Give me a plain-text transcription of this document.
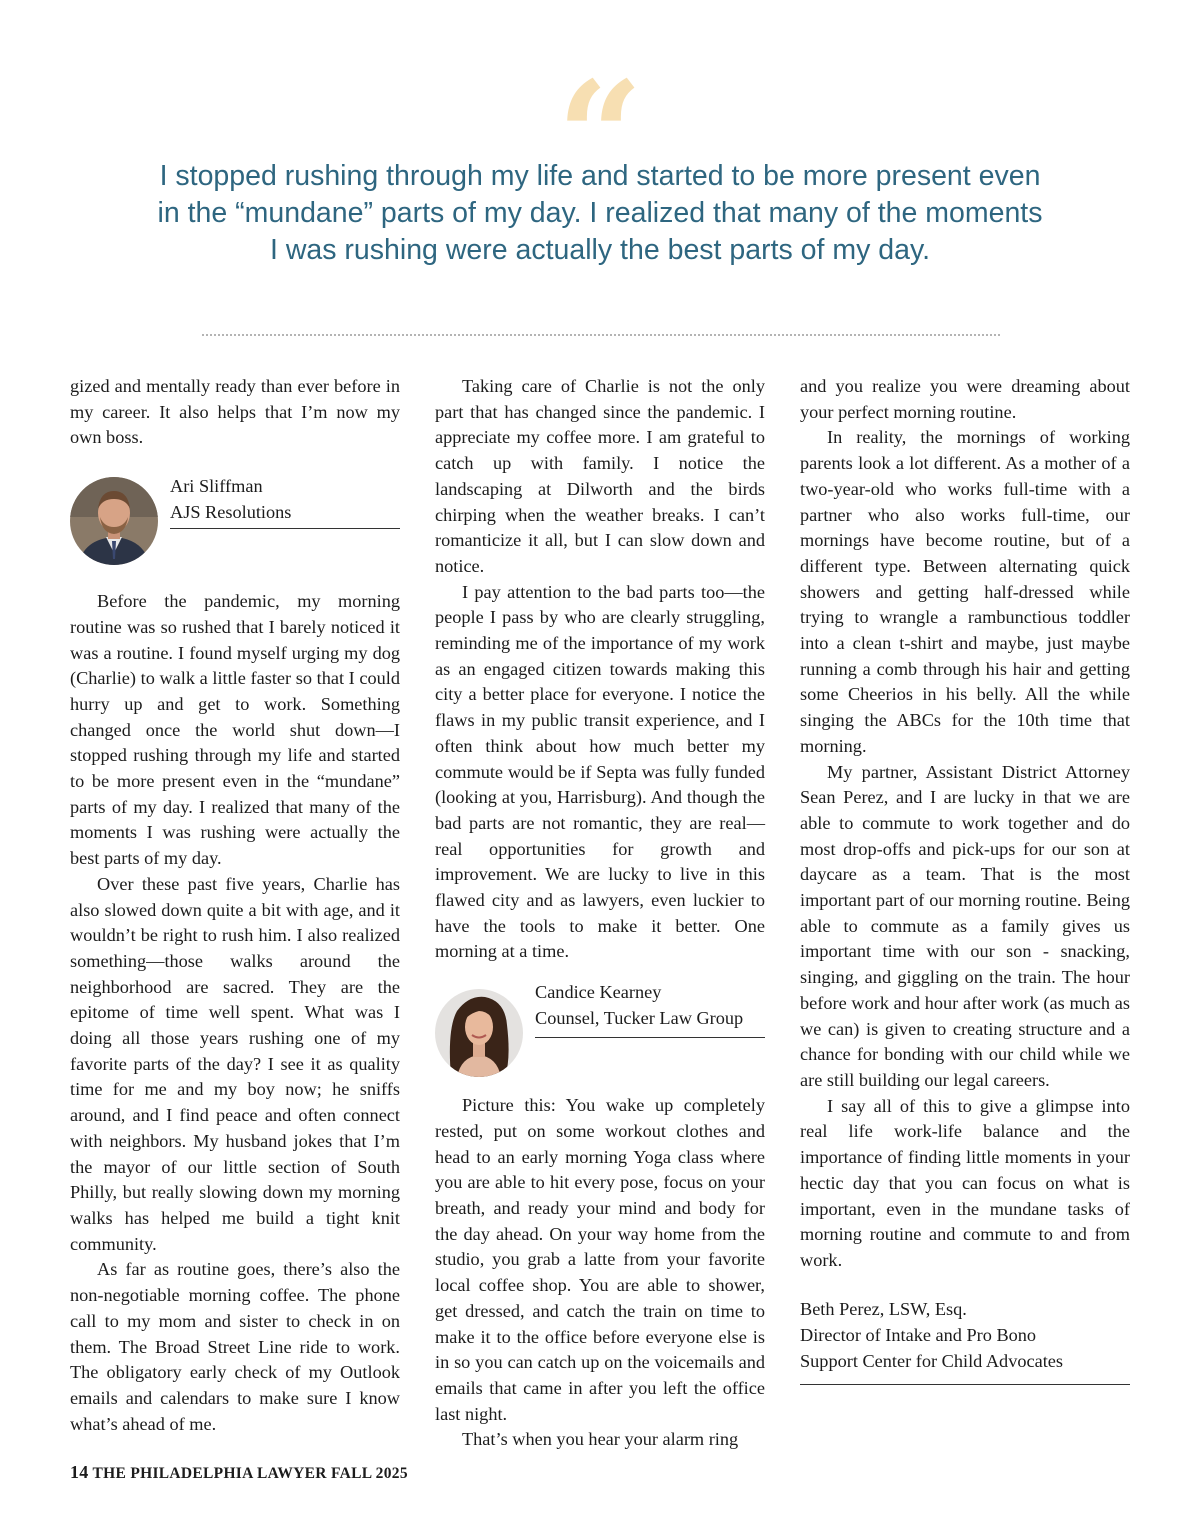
“
I stopped rushing through my life and started to be more present even in the “mundane” parts of my day. I realized that many of the moments I was rushing were actually the best parts of my day.

gized and mentally ready than ever before in my career. It also helps that I’m now my own boss.

Ari Sliffman
AJS Resolutions

Before the pandemic, my morning routine was so rushed that I barely noticed it was a routine. I found myself urging my dog (Charlie) to walk a little faster so that I could hurry up and get to work. Something changed once the world shut down—I stopped rushing through my life and started to be more present even in the “mundane” parts of my day. I realized that many of the moments I was rushing were actually the best parts of my day.

Over these past five years, Charlie has also slowed down quite a bit with age, and it wouldn’t be right to rush him. I also realized something—those walks around the neighborhood are sacred. They are the epitome of time well spent. What was I doing all those years rushing one of my favorite parts of the day? I see it as quality time for me and my boy now; he sniffs around, and I find peace and often connect with neighbors. My husband jokes that I’m the mayor of our little section of South Philly, but really slowing down my morning walks has helped me build a tight knit community.

As far as routine goes, there’s also the non-negotiable morning coffee. The phone call to my mom and sister to check in on them. The Broad Street Line ride to work. The obligatory early check of my Outlook emails and calendars to make sure I know what’s ahead of me.

Taking care of Charlie is not the only part that has changed since the pandemic. I appreciate my coffee more. I am grateful to catch up with family. I notice the landscaping at Dilworth and the birds chirping when the weather breaks. I can’t romanticize it all, but I can slow down and notice.

I pay attention to the bad parts too—the people I pass by who are clearly struggling, reminding me of the importance of my work as an engaged citizen towards making this city a better place for everyone. I notice the flaws in my public transit experience, and I often think about how much better my commute would be if Septa was fully funded (looking at you, Harrisburg). And though the bad parts are not romantic, they are real—real opportunities for growth and improvement. We are lucky to live in this flawed city and as lawyers, even luckier to have the tools to make it better. One morning at a time.

Candice Kearney
Counsel, Tucker Law Group

Picture this: You wake up completely rested, put on some workout clothes and head to an early morning Yoga class where you are able to hit every pose, focus on your breath, and ready your mind and body for the day ahead. On your way home from the studio, you grab a latte from your favorite local coffee shop. You are able to shower, get dressed, and catch the train on time to make it to the office before everyone else is in so you can catch up on the voicemails and emails that came in after you left the office last night.

That’s when you hear your alarm ring

and you realize you were dreaming about your perfect morning routine.

In reality, the mornings of working parents look a lot different. As a mother of a two-year-old who works full-time with a partner who also works full-time, our mornings have become routine, but of a different type. Between alternating quick showers and getting half-dressed while trying to wrangle a rambunctious toddler into a clean t-shirt and maybe, just maybe running a comb through his hair and getting some Cheerios in his belly. All the while singing the ABCs for the 10th time that morning.

My partner, Assistant District Attorney Sean Perez, and I are lucky in that we are able to commute to work together and do most drop-offs and pick-ups for our son at daycare as a team. That is the most important part of our morning routine. Being able to commute as a family gives us important time with our son - snacking, singing, and giggling on the train. The hour before work and hour after work (as much as we can) is given to creating structure and a chance for bonding with our child while we are still building our legal careers.

I say all of this to give a glimpse into real life work-life balance and the importance of finding little moments in your hectic day that you can focus on what is important, even in the mundane tasks of morning routine and commute to and from work.

Beth Perez, LSW, Esq.
Director of Intake and Pro Bono
Support Center for Child Advocates
14 THE PHILADELPHIA LAWYER FALL 2025
